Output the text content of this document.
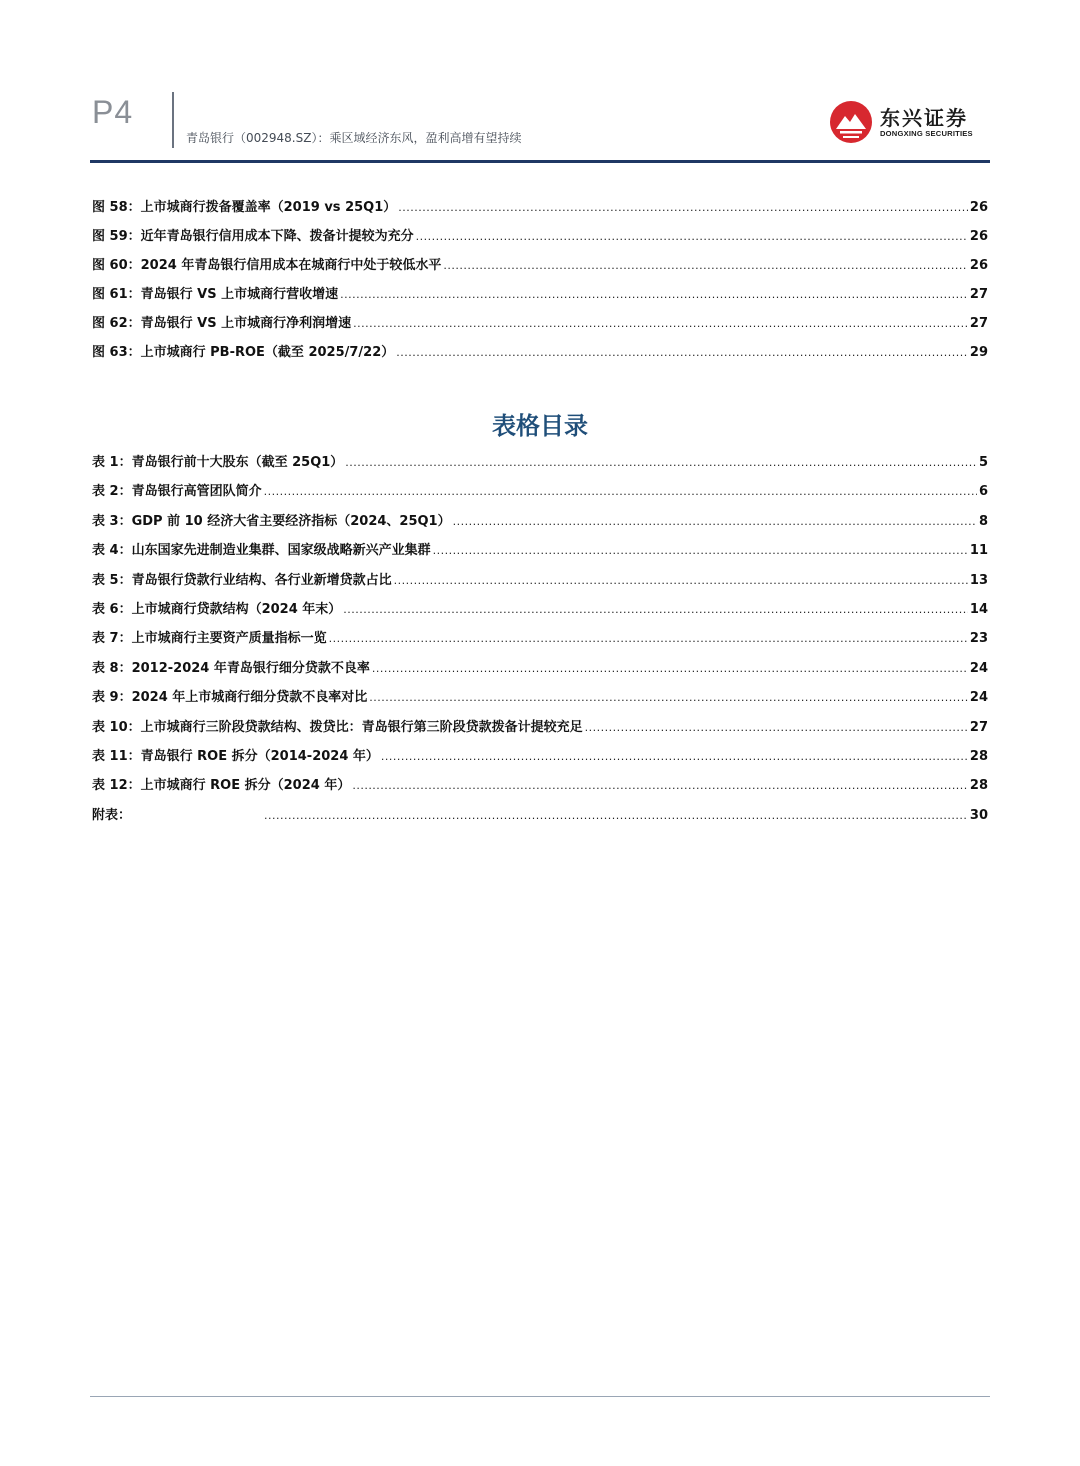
P4
青岛银行（002948.SZ）：乘区域经济东风，盈利高增有望持续
东兴证券
DONGXING SECURITIES
图 58： 上市城商行拨备覆盖率（2019 vs 25Q1） .....	26
图 59： 近年青岛银行信用成本下降、拨备计提较为充分 .....	26
图 60： 2024 年青岛银行信用成本在城商行中处于较低水平 .....	26
图 61： 青岛银行 VS 上市城商行营收增速 .....	27
图 62： 青岛银行 VS 上市城商行净利润增速 .....	27
图 63： 上市城商行 PB-ROE（截至 2025/7/22） .....	29
表格目录
表 1： 青岛银行前十大股东（截至 25Q1） .....	5
表 2： 青岛银行高管团队简介 .....	6
表 3： GDP 前 10 经济大省主要经济指标（2024、25Q1） .....	8
表 4： 山东国家先进制造业集群、国家级战略新兴产业集群 .....	11
表 5： 青岛银行贷款行业结构、各行业新增贷款占比 .....	13
表 6： 上市城商行贷款结构（2024 年末） .....	14
表 7： 上市城商行主要资产质量指标一览 .....	23
表 8： 2012-2024 年青岛银行细分贷款不良率 .....	24
表 9： 2024 年上市城商行细分贷款不良率对比 .....	24
表 10： 上市城商行三阶段贷款结构、拨贷比：青岛银行第三阶段贷款拨备计提较充足 .....	27
表 11： 青岛银行 ROE 拆分（2014-2024 年） .....	28
表 12： 上市城商行 ROE 拆分（2024 年） .....	28
附表： .....	30
